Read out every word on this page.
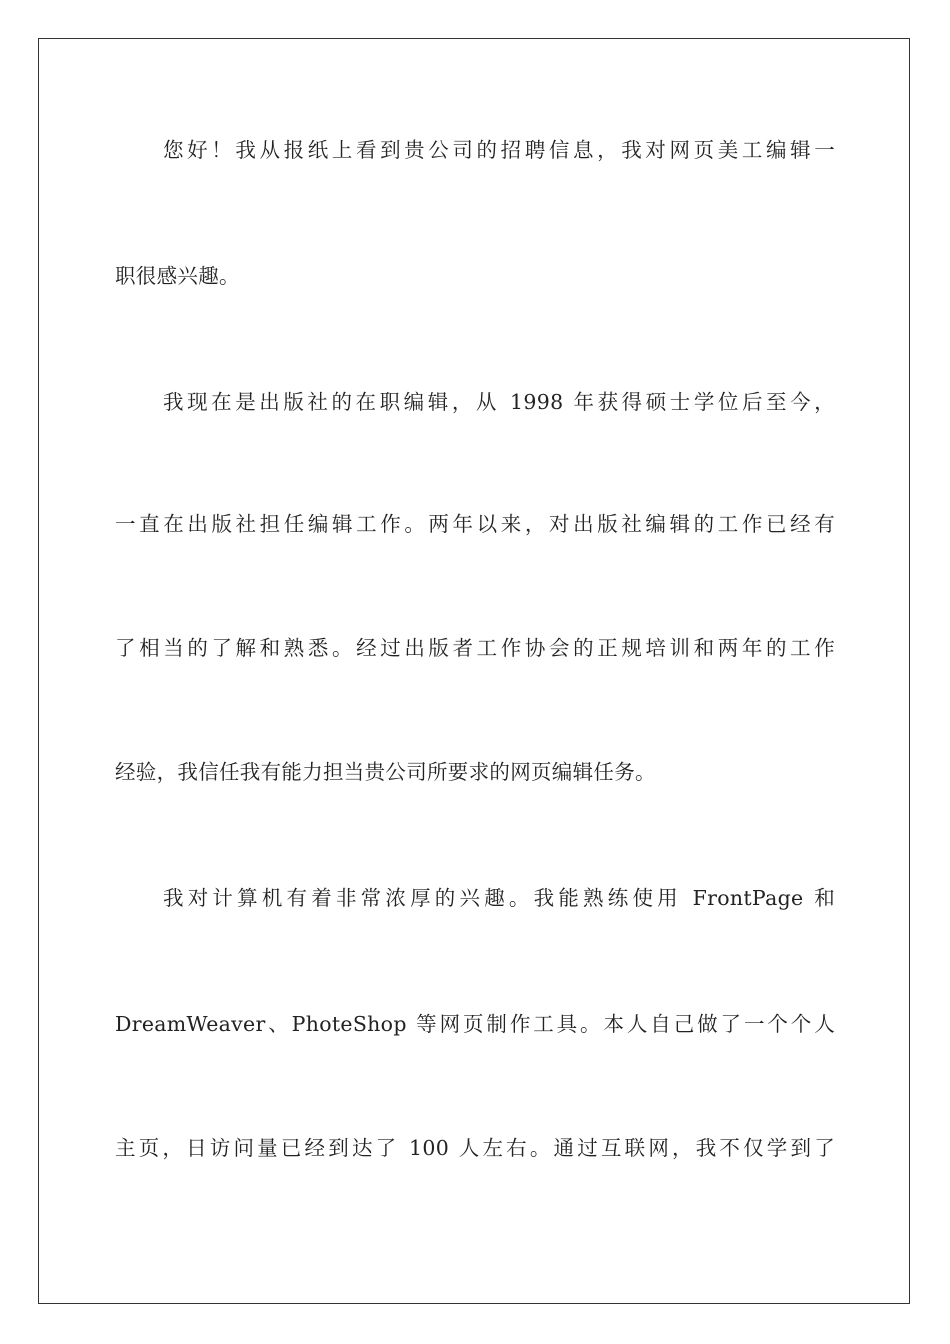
您好！我从报纸上看到贵公司的招聘信息，我对网页美工编辑一
职很感兴趣。
我现在是出版社的在职编辑，从 1998 年获得硕士学位后至今，
一直在出版社担任编辑工作。两年以来，对出版社编辑的工作已经有
了相当的了解和熟悉。经过出版者工作协会的正规培训和两年的工作
经验，我信任我有能力担当贵公司所要求的网页编辑任务。
我对计算机有着非常浓厚的兴趣。我能熟练使用 FrontPage 和
DreamWeaver、PhoteShop 等网页制作工具。本人自己做了一个个人
主页，日访问量已经到达了 100 人左右。通过互联网，我不仅学到了
